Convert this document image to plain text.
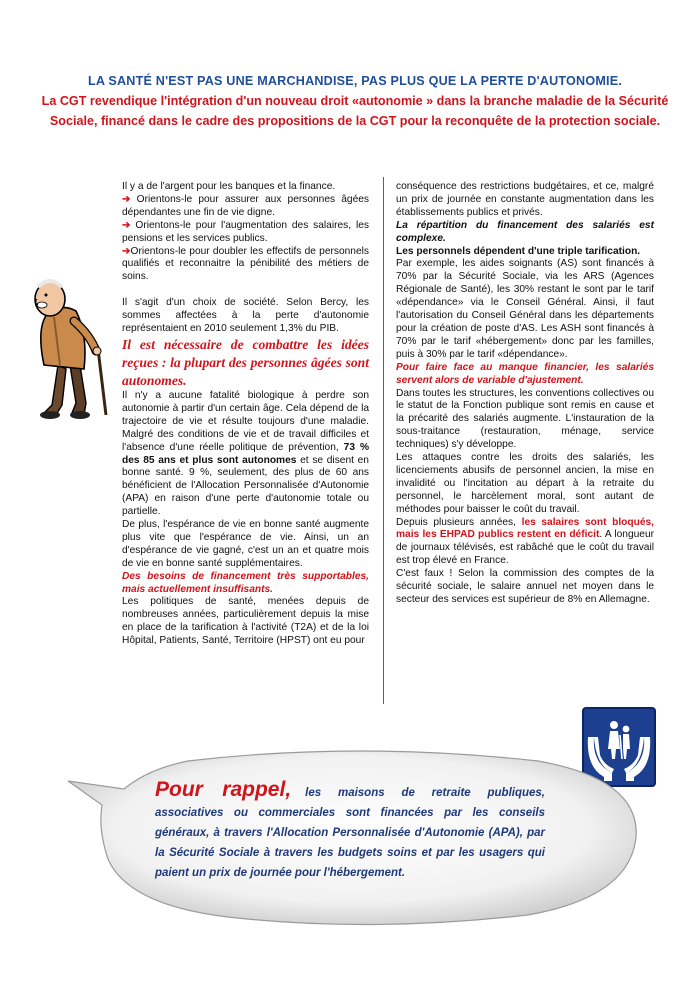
LA SANTÉ N'EST PAS UNE MARCHANDISE, PAS PLUS QUE LA PERTE D'AUTONOMIE.
La CGT revendique l'intégration d'un nouveau droit «autonomie » dans la branche maladie de la Sécurité Sociale, financé dans le cadre des propositions de la CGT pour la reconquête de la protection sociale.

Il y a de l'argent pour les banques et la finance.

➔ Orientons-le pour assurer aux personnes âgées dépendantes une fin de vie digne.

➔ Orientons-le pour l'augmentation des salaires, les pensions et les services publics.

➔Orientons-le pour doubler les effectifs de personnels qualifiés et reconnaitre la pénibilité des métiers de soins.

Il s'agit d'un choix de société. Selon Bercy, les sommes affectées à la perte d'autonomie représentaient en 2010 seulement 1,3% du PIB.

Il est nécessaire de combattre les idées reçues : la plupart des personnes âgées sont autonomes.

Il n'y a aucune fatalité biologique à perdre son autonomie à partir d'un certain âge. Cela dépend de la trajectoire de vie et résulte toujours d'une maladie. Malgré des conditions de vie et de travail difficiles et l'absence d'une réelle politique de prévention, 73 % des 85 ans et plus sont autonomes et se disent en bonne santé. 9 %, seulement, des plus de 60 ans bénéficient de l'Allocation Personnalisée d'Autonomie (APA) en raison d'une perte d'autonomie totale ou partielle.

De plus, l'espérance de vie en bonne santé augmente plus vite que l'espérance de vie. Ainsi, un an d'espérance de vie gagné, c'est un an et quatre mois de vie en bonne santé supplémentaires.

Des besoins de financement très supportables, mais actuellement insuffisants.

Les politiques de santé, menées depuis de nombreuses années, particulièrement depuis la mise en place de la tarification à l'activité (T2A) et de la loi Hôpital, Patients, Santé, Territoire (HPST) ont eu pour

conséquence des restrictions budgétaires, et ce, malgré un prix de journée en constante augmentation dans les établissements publics et privés.

La répartition du financement des salariés est complexe.

Les personnels dépendent d'une triple tarification.

Par exemple, les aides soignants (AS) sont financés à 70% par la Sécurité Sociale, via les ARS (Agences Régionale de Santé), les 30% restant le sont par le tarif «dépendance» via le Conseil Général. Ainsi, il faut l'autorisation du Conseil Général dans les départements pour la création de poste d'AS. Les ASH sont financés à 70% par le tarif «hébergement» donc par les familles, puis à 30% par le tarif «dépendance».

Pour faire face au manque financier, les salariés servent alors de variable d'ajustement.

Dans toutes les structures, les conventions collectives ou le statut de la Fonction publique sont remis en cause et la précarité des salariés augmente. L'instauration de la sous-traitance (restauration, ménage, service techniques) s'y développe.

Les attaques contre les droits des salariés, les licenciements abusifs de personnel ancien, la mise en invalidité ou l'incitation au départ à la retraite du personnel, le harcèlement moral, sont autant de méthodes pour baisser le coût du travail.

Depuis plusieurs années, les salaires sont bloqués, mais les EHPAD publics restent en déficit. A longueur de journaux télévisés, est rabâché que le coût du travail est trop élevé en France.

C'est faux ! Selon la commission des comptes de la sécurité sociale, le salaire annuel net moyen dans le secteur des services est supérieur de 8% en Allemagne.

Pour rappel, les maisons de retraite publiques, associatives ou commerciales sont financées par les conseils généraux, à travers l'Allocation Personnalisée d'Autonomie (APA), par la Sécurité Sociale à travers les budgets soins et par les usagers qui paient un prix de journée pour l'hébergement.
